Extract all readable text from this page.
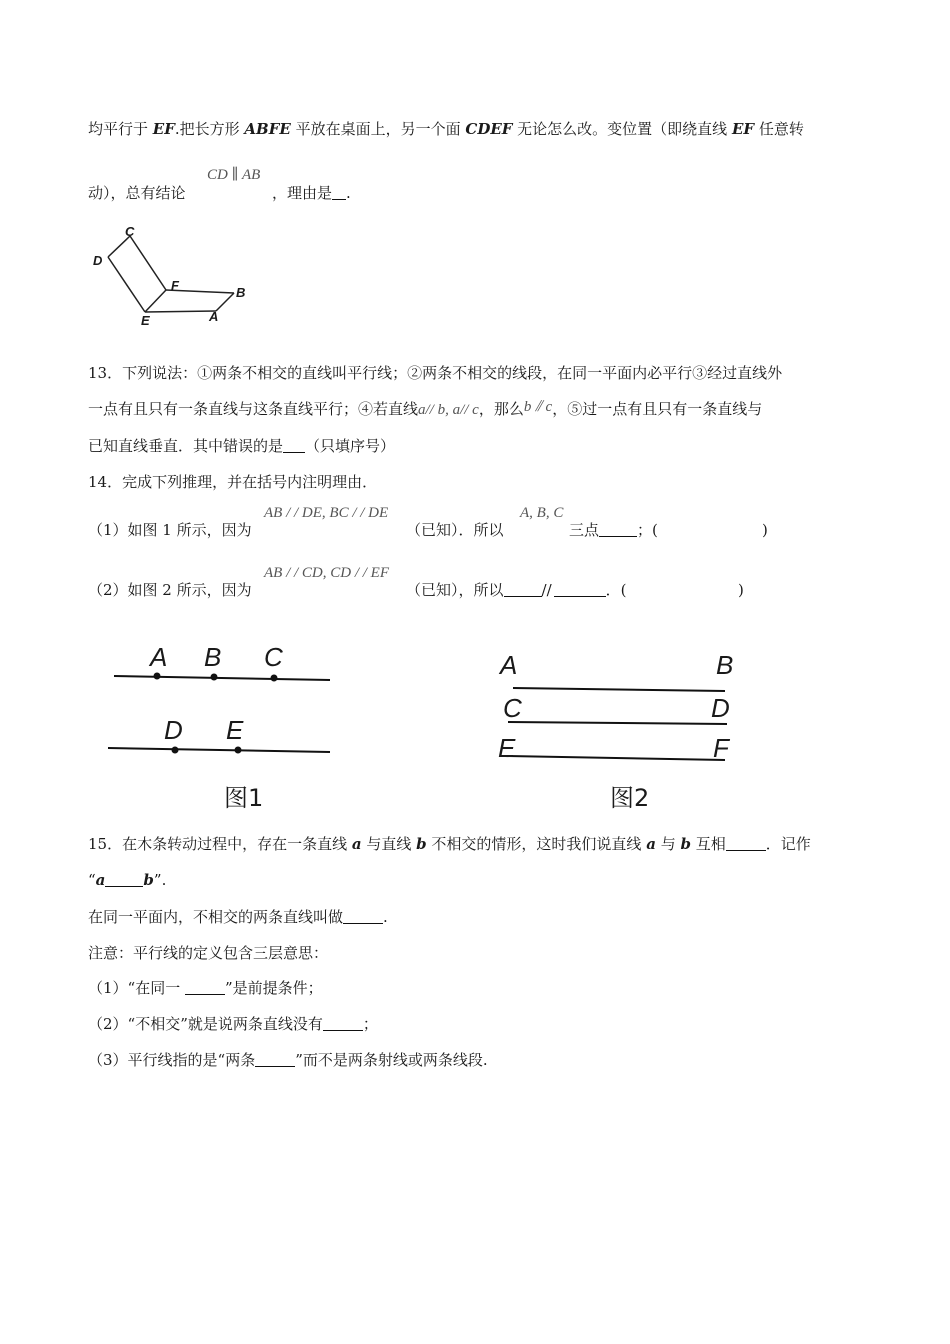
均平行于 EF.把长方形 ABFE 平放在桌面上，另一个面 CDEF 无论怎么改。变位置（即绕直线 EF 任意转
CD ∥ AB
动），总有结论	，理由是 .
C
D
F	B
E	A
13．下列说法：①两条不相交的直线叫平行线；②两条不相交的线段，在同一平面内必平行③经过直线外
一点有且只有一条直线与这条直线平行；④若直线a// b, a// c，那么b ⫽ c，⑤过一点有且只有一条直线与
已知直线垂直．其中错误的是 （只填序号）
14．完成下列推理，并在括号内注明理由．
AB / / DE, BC / / DE	A, B, C
（1）如图 1 所示，因为	（已知）．所以	三点	；(	)
AB / / CD, CD / / EF
（2）如图 2 所示，因为	（已知），所以	//	．(	)
A B C
D E
图1
A	B
C	D
E	F
图2
15．在木条转动过程中，存在一条直线 a 与直线 b 不相交的情形，这时我们说直线 a 与 b 互相	．记作
“a	b”.
在同一平面内，不相交的两条直线叫做	.
注意：平行线的定义包含三层意思：
（1）“在同一	”是前提条件；
（2）“不相交”就是说两条直线没有	；
（3）平行线指的是“两条	”而不是两条射线或两条线段.
